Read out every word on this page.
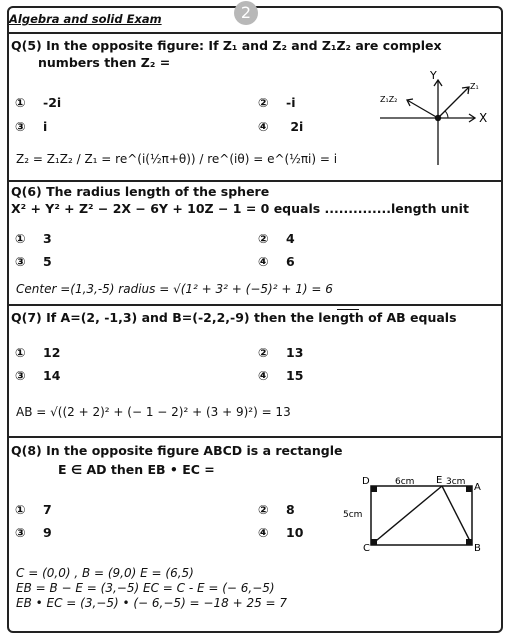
Algebra and solid Exam	2
Q(5) In the opposite figure: If Z₁ and Z₂ and Z₁Z₂ are complex
numbers then Z₂ =
① -2i	② -i
③ i	④ 2i
Z₂ = Z₁Z₂ / Z₁ = re^(i(½π+θ)) / re^(iθ) = e^(½πi) = i
Y
X
Z₁
Z₁Z₂
Q(6) The radius length of the sphere
X² + Y² + Z² − 2X − 6Y + 10Z − 1 = 0 equals ..............length unit
① 3	② 4
③ 5	④ 6
Center =(1,3,-5) radius = √(1² + 3² + (−5)² + 1) = 6
Q(7) If A=(2, -1,3) and B=(-2,2,-9) then the length of AB equals
① 12	② 13
③ 14	④ 15
AB = √((2 + 2)² + (− 1 − 2)² + (3 + 9)²) = 13
Q(8) In the opposite figure ABCD is a rectangle
E ∈ AD then EB • EC =
① 7	② 8
③ 9	④ 10
C = (0,0) , B = (9,0) E = (6,5)
EB = B − E = (3,−5) EC = C - E = (− 6,−5)
EB • EC = (3,−5) • (− 6,−5) = −18 + 25 = 7
D	E
A
C	B
6cm	3cm
5cm
